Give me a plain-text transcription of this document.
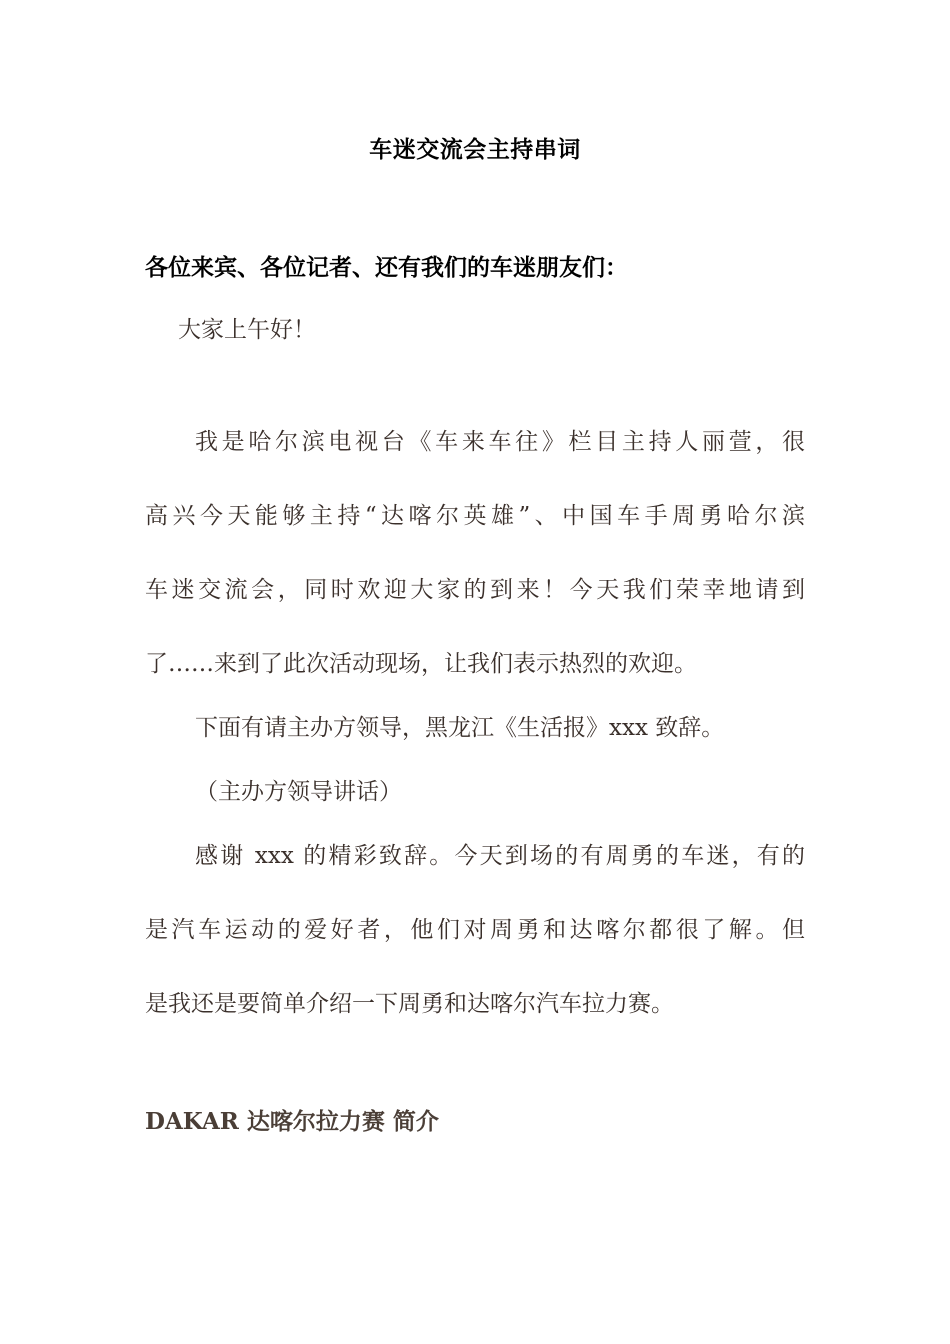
车迷交流会主持串词
各位来宾、各位记者、还有我们的车迷朋友们：
大家上午好！
我是哈尔滨电视台《车来车往》栏目主持人丽萱，很
高兴今天能够主持“达喀尔英雄”、中国车手周勇哈尔滨
车迷交流会，同时欢迎大家的到来！今天我们荣幸地请到
了……来到了此次活动现场，让我们表示热烈的欢迎。
下面有请主办方领导，黑龙江《生活报》xxx 致辞。
（主办方领导讲话）
感谢 xxx 的精彩致辞。今天到场的有周勇的车迷，有的
是汽车运动的爱好者，他们对周勇和达喀尔都很了解。但
是我还是要简单介绍一下周勇和达喀尔汽车拉力赛。
DAKAR 达喀尔拉力赛 简介
